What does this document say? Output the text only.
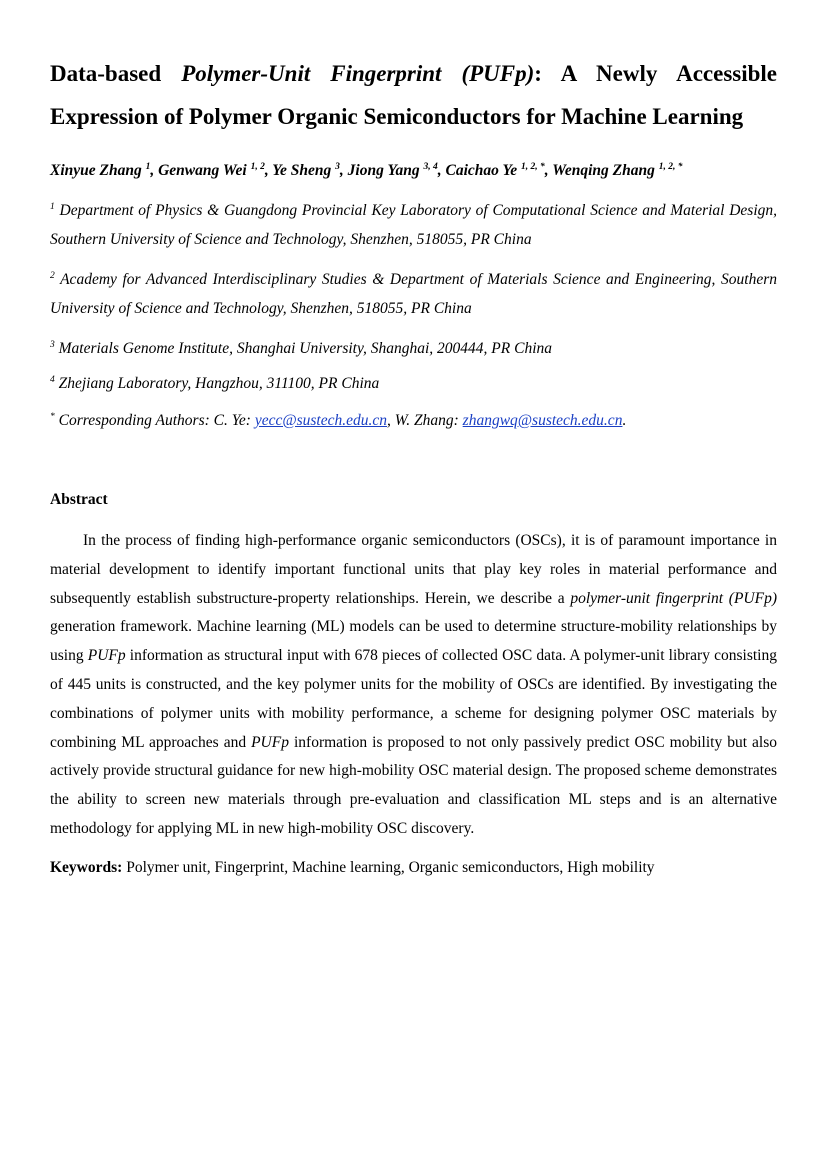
Data-based Polymer-Unit Fingerprint (PUFp): A Newly Accessible Expression of Polymer Organic Semiconductors for Machine Learning
Xinyue Zhang $^1$, Genwang Wei $^{1, 2}$, Ye Sheng $^3$, Jiong Yang $^{3, 4}$, Caichao Ye $^{1, 2, *}$, Wenqing Zhang $^{1, 2, *}$
$^1$ Department of Physics & Guangdong Provincial Key Laboratory of Computational Science and Material Design, Southern University of Science and Technology, Shenzhen, 518055, PR China
$^2$ Academy for Advanced Interdisciplinary Studies & Department of Materials Science and Engineering, Southern University of Science and Technology, Shenzhen, 518055, PR China
$^3$ Materials Genome Institute, Shanghai University, Shanghai, 200444, PR China
$^4$ Zhejiang Laboratory, Hangzhou, 311100, PR China
* Corresponding Authors: C. Ye: yecc@sustech.edu.cn, W. Zhang: zhangwq@sustech.edu.cn.
Abstract

In the process of finding high-performance organic semiconductors (OSCs), it is of paramount importance in material development to identify important functional units that play key roles in material performance and subsequently establish substructure-property relationships. Herein, we describe a polymer-unit fingerprint (PUFp) generation framework. Machine learning (ML) models can be used to determine structure-mobility relationships by using PUFp information as structural input with 678 pieces of collected OSC data. A polymer-unit library consisting of 445 units is constructed, and the key polymer units for the mobility of OSCs are identified. By investigating the combinations of polymer units with mobility performance, a scheme for designing polymer OSC materials by combining ML approaches and PUFp information is proposed to not only passively predict OSC mobility but also actively provide structural guidance for new high-mobility OSC material design. The proposed scheme demonstrates the ability to screen new materials through pre-evaluation and classification ML steps and is an alternative methodology for applying ML in new high-mobility OSC discovery.

Keywords: Polymer unit, Fingerprint, Machine learning, Organic semiconductors, High mobility
